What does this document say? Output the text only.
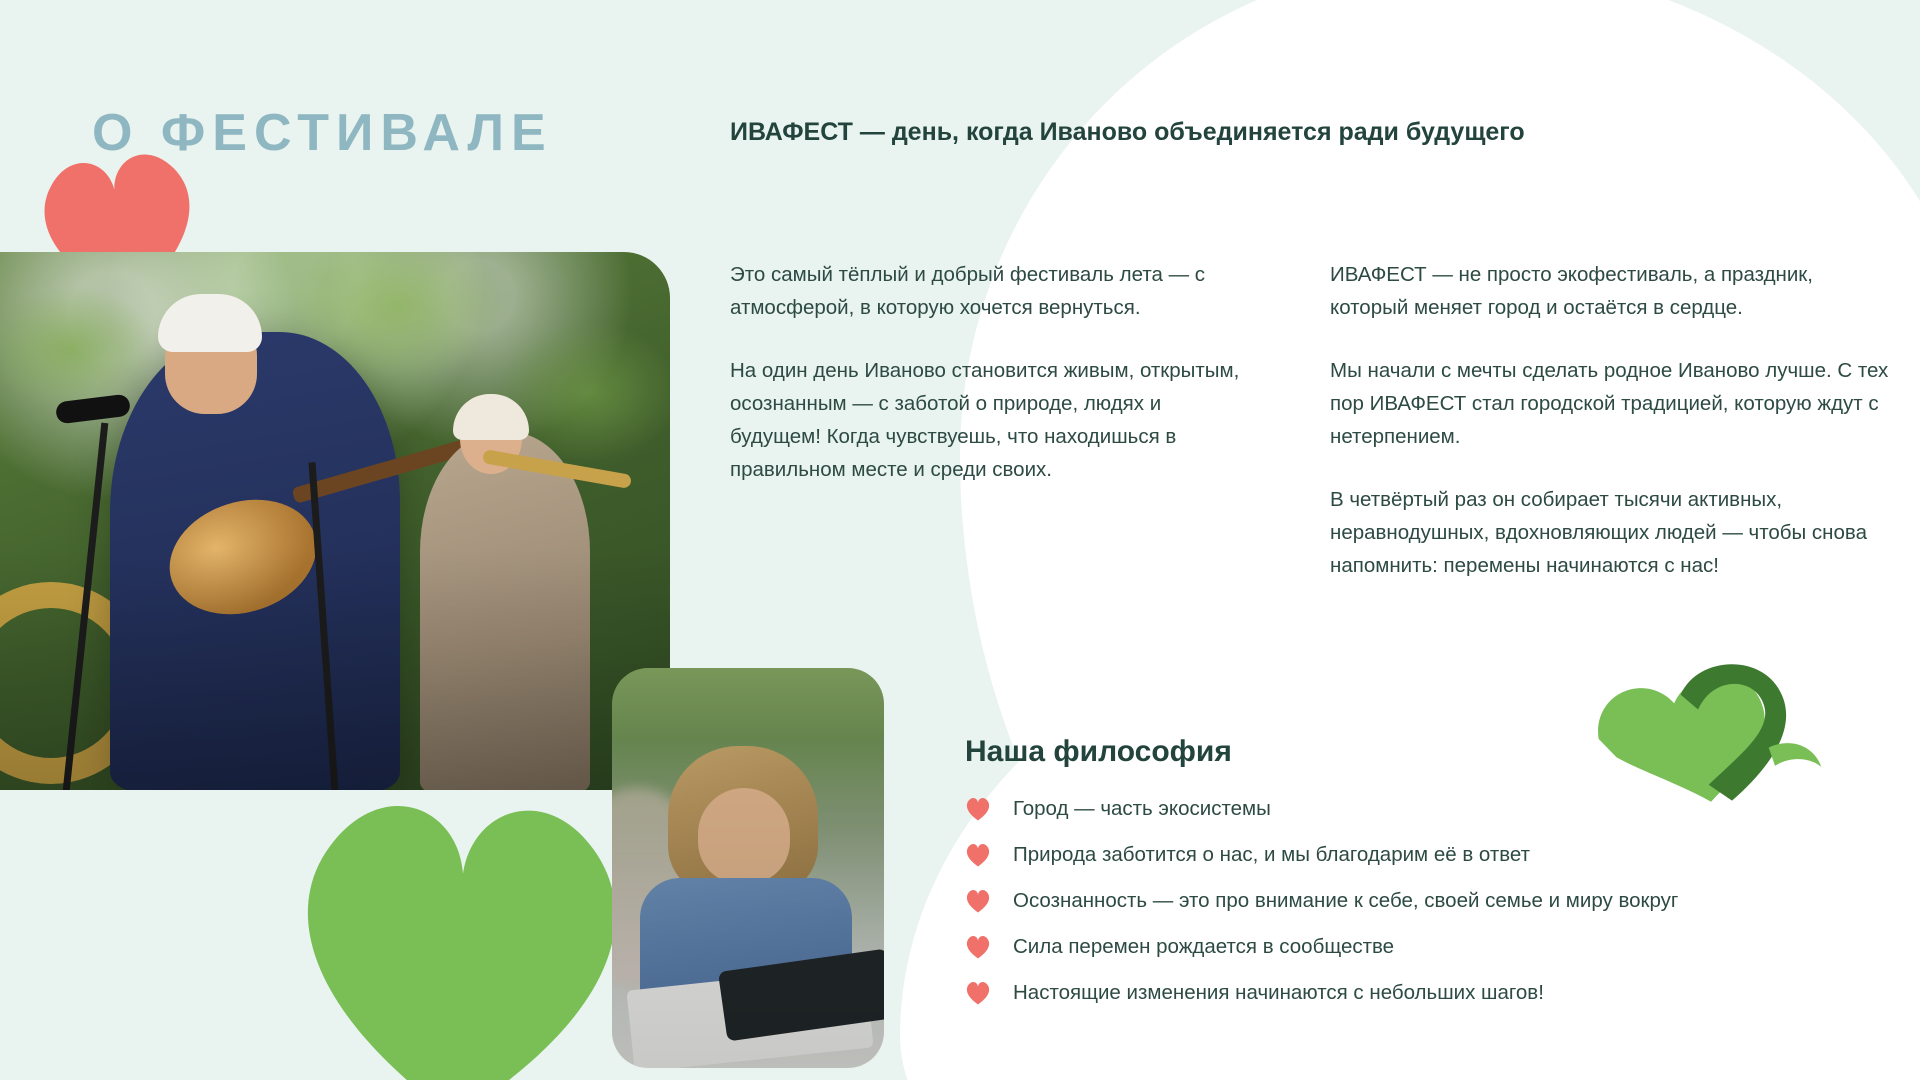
О ФЕСТИВАЛЕ	ИВАФЕСТ — день, когда Иваново объединяется ради будущего

Это самый тёплый и добрый фестиваль лета — с атмосферой, в которую хочется вернуться.

На один день Иваново становится живым, открытым, осознанным — с заботой о природе, людях и будущем! Когда чувствуешь, что находишься в правильном месте и среди своих.

ИВАФЕСТ — не просто экофестиваль, а праздник, который меняет город и остаётся в сердце.

Мы начали с мечты сделать родное Иваново лучше. С тех пор ИВАФЕСТ стал городской традицией, которую ждут с нетерпением.

В четвёртый раз он собирает тысячи активных, неравнодушных, вдохновляющих людей — чтобы снова напомнить: перемены начинаются с нас!

Наша философия
Город — часть экосистемы
Природа заботится о нас, и мы благодарим её в ответ
Осознанность — это про внимание к себе, своей семье и миру вокруг
Сила перемен рождается в сообществе
Настоящие изменения начинаются с небольших шагов!
